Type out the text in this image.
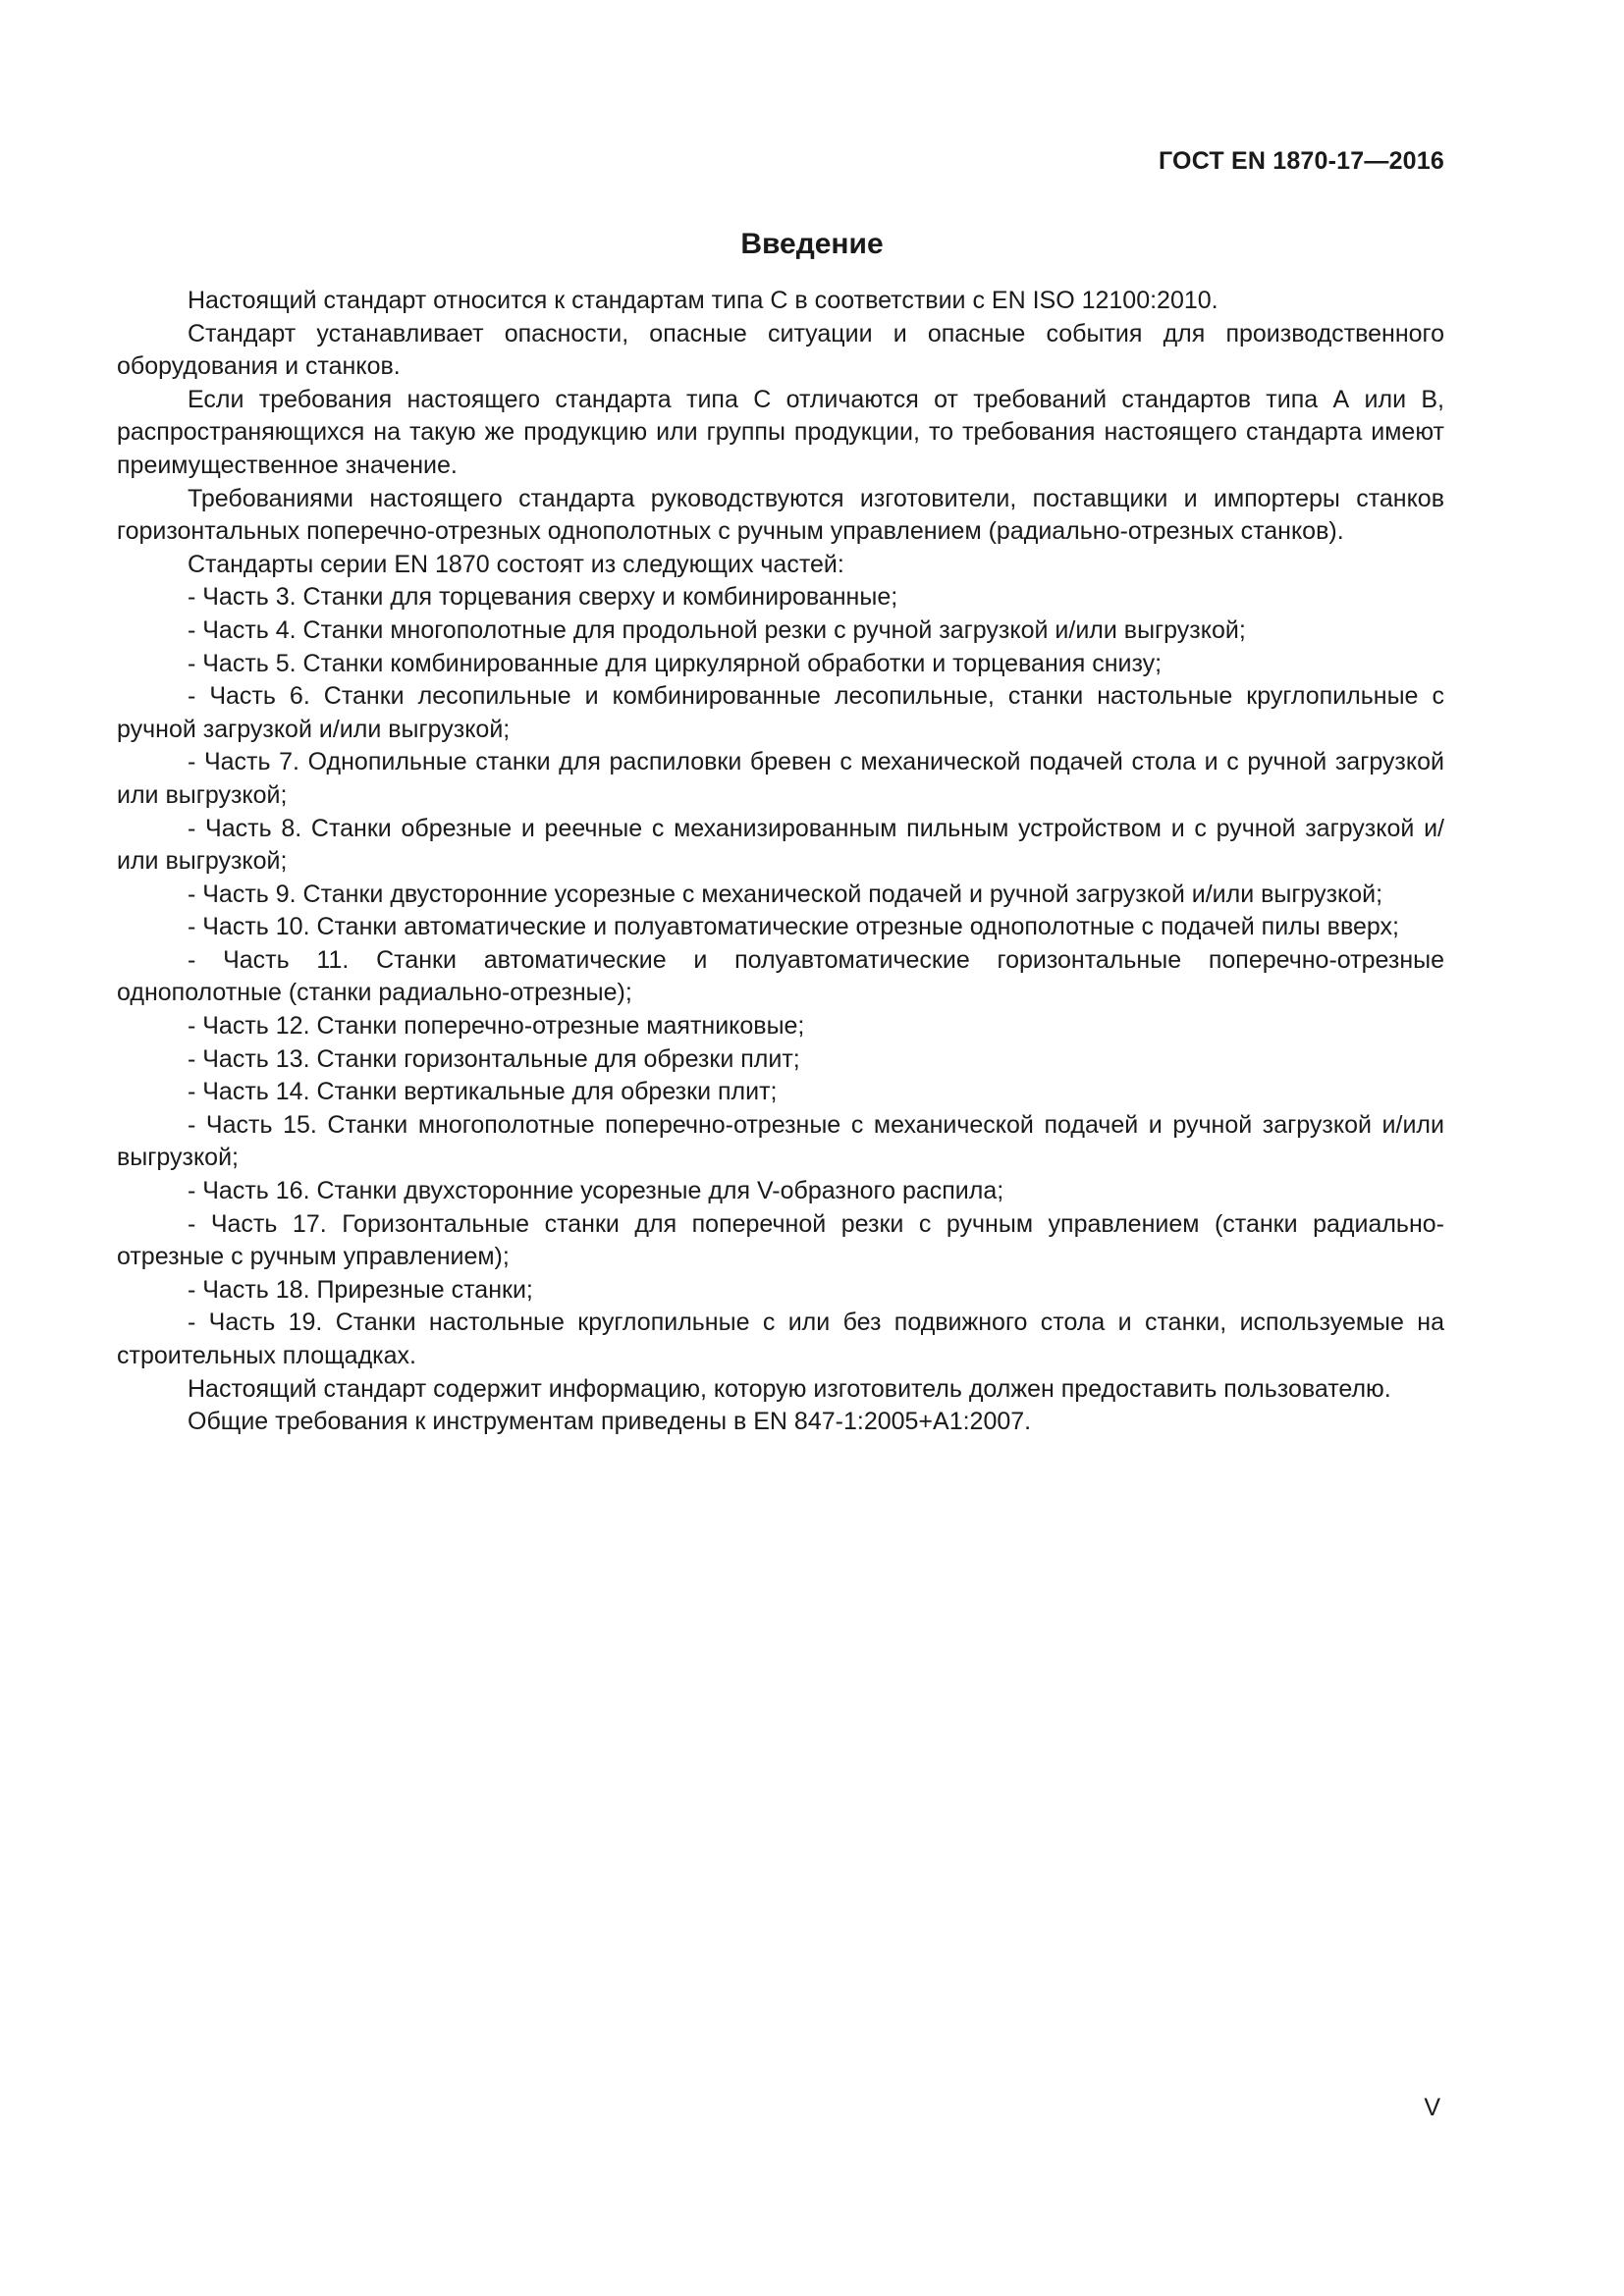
ГОСТ EN 1870-17—2016
Введение

Настоящий стандарт относится к стандартам типа С в соответствии с EN ISO 12100:2010.

Стандарт устанавливает опасности, опасные ситуации и опасные события для производственного оборудования и станков.

Если требования настоящего стандарта типа С отличаются от требований стандартов типа А или В, распространяющихся на такую же продукцию или группы продукции, то требования настоящего стандарта имеют преимущественное значение.

Требованиями настоящего стандарта руководствуются изготовители, поставщики и импортеры станков горизонтальных поперечно-отрезных однополотных с ручным управлением (радиально-отрезных станков).

Стандарты серии EN 1870 состоят из следующих частей:

- Часть 3. Станки для торцевания сверху и комбинированные;
- Часть 4. Станки многополотные для продольной резки с ручной загрузкой и/или выгрузкой;
- Часть 5. Станки комбинированные для циркулярной обработки и торцевания снизу;
- Часть 6. Станки лесопильные и комбинированные лесопильные, станки настольные круглопильные с ручной загрузкой и/или выгрузкой;
- Часть 7. Однопильные станки для распиловки бревен с механической подачей стола и с ручной загрузкой или выгрузкой;
- Часть 8. Станки обрезные и реечные с механизированным пильным устройством и с ручной загрузкой и/или выгрузкой;
- Часть 9. Станки двусторонние усорезные с механической подачей и ручной загрузкой и/или выгрузкой;
- Часть 10. Станки автоматические и полуавтоматические отрезные однополотные с подачей пилы вверх;
- Часть 11. Станки автоматические и полуавтоматические горизонтальные поперечно-отрезные однополотные (станки радиально-отрезные);
- Часть 12. Станки поперечно-отрезные маятниковые;
- Часть 13. Станки горизонтальные для обрезки плит;
- Часть 14. Станки вертикальные для обрезки плит;
- Часть 15. Станки многополотные поперечно-отрезные с механической подачей и ручной загрузкой и/или выгрузкой;
- Часть 16. Станки двухсторонние усорезные для V-образного распила;
- Часть 17. Горизонтальные станки для поперечной резки с ручным управлением (станки радиально-отрезные с ручным управлением);
- Часть 18. Прирезные станки;
- Часть 19. Станки настольные круглопильные с или без подвижного стола и станки, используемые на строительных площадках.

Настоящий стандарт содержит информацию, которую изготовитель должен предоставить пользователю.

Общие требования к инструментам приведены в EN 847-1:2005+A1:2007.

V
